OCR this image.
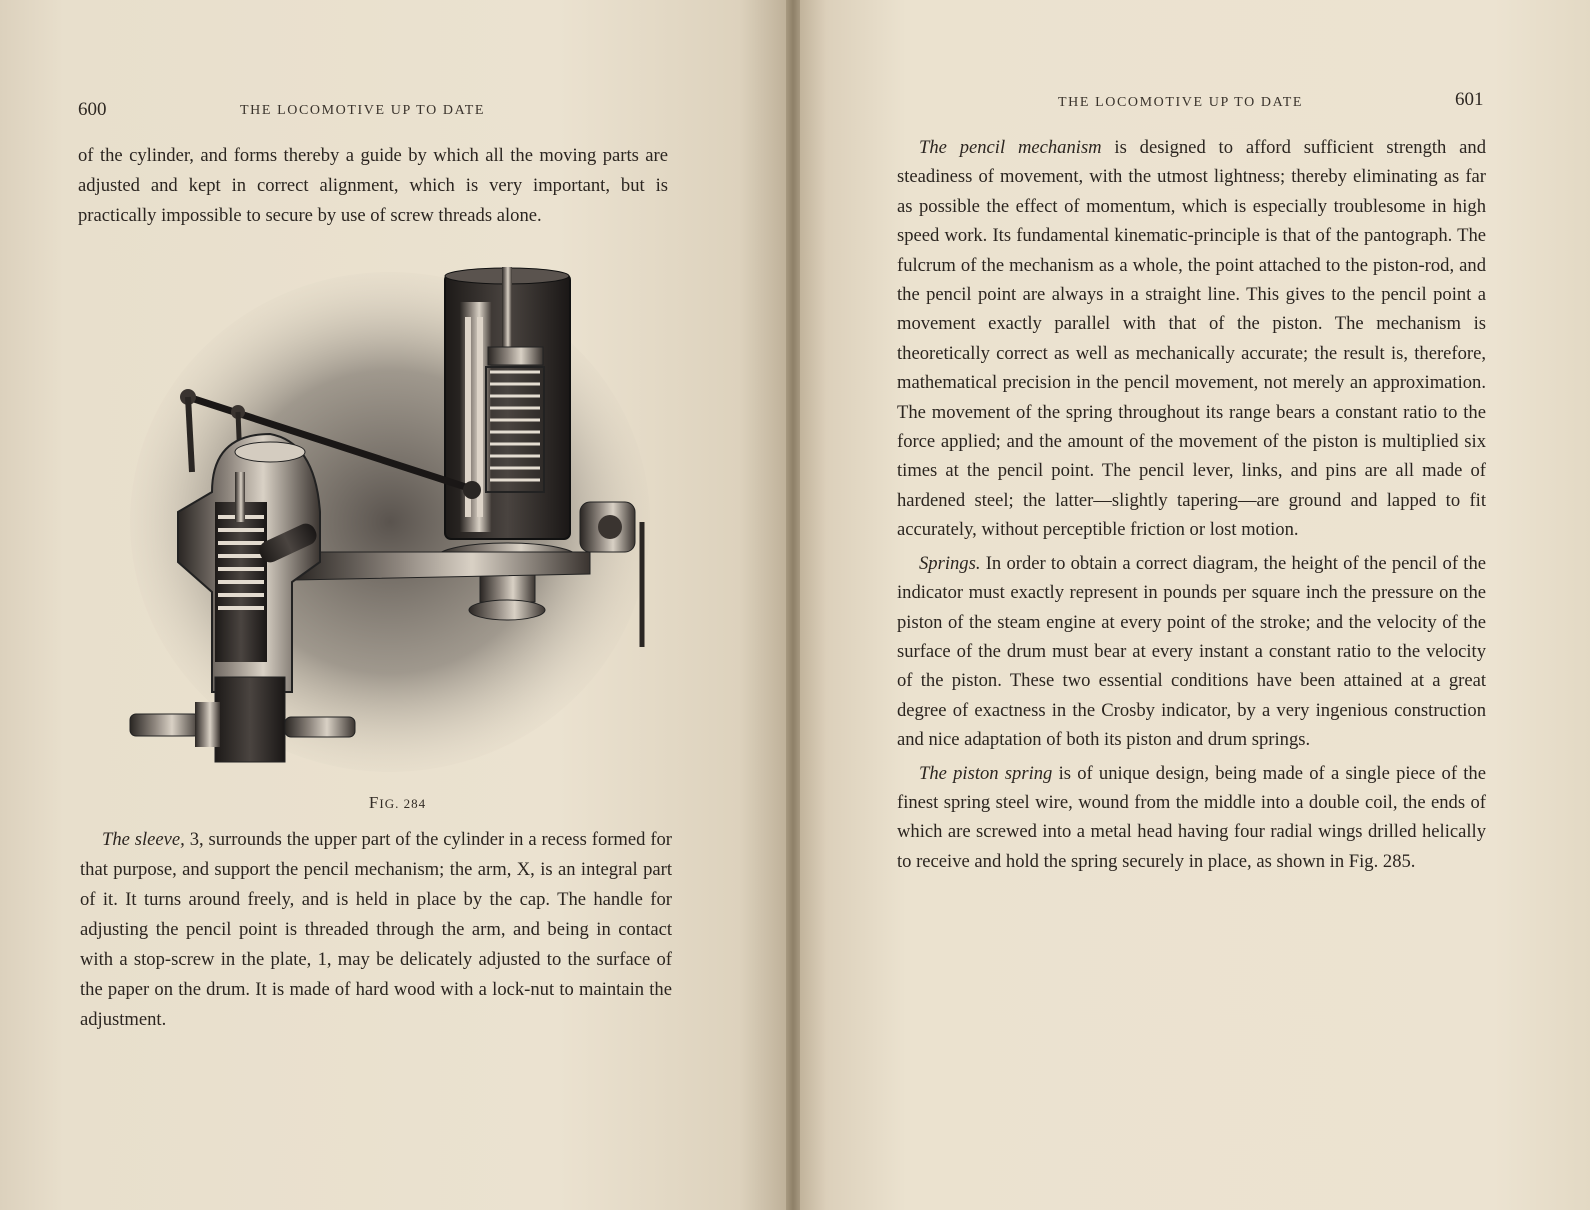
600	THE LOCOMOTIVE UP TO DATE

of the cylinder, and forms thereby a guide by which all the moving parts are adjusted and kept in correct alignment, which is very important, but is practically impossible to secure by use of screw threads alone.

FIG. 284

The sleeve, 3, surrounds the upper part of the cylinder in a recess formed for that purpose, and support the pencil mechanism; the arm, X, is an integral part of it. It turns around freely, and is held in place by the cap. The handle for adjusting the pencil point is threaded through the arm, and being in contact with a stop-screw in the plate, 1, may be delicately adjusted to the surface of the paper on the drum. It is made of hard wood with a lock-nut to maintain the adjustment.

THE LOCOMOTIVE UP TO DATE	601

The pencil mechanism is designed to afford sufficient strength and steadiness of movement, with the utmost lightness; thereby eliminating as far as possible the effect of momentum, which is especially troublesome in high speed work. Its fundamental kinematic-principle is that of the pantograph. The fulcrum of the mechanism as a whole, the point attached to the piston-rod, and the pencil point are always in a straight line. This gives to the pencil point a movement exactly parallel with that of the piston. The mechanism is theoretically correct as well as mechanically accurate; the result is, therefore, mathematical precision in the pencil movement, not merely an approximation. The movement of the spring throughout its range bears a constant ratio to the force applied; and the amount of the movement of the piston is multiplied six times at the pencil point. The pencil lever, links, and pins are all made of hardened steel; the latter—slightly tapering—are ground and lapped to fit accurately, without perceptible friction or lost motion.

Springs. In order to obtain a correct diagram, the height of the pencil of the indicator must exactly represent in pounds per square inch the pressure on the piston of the steam engine at every point of the stroke; and the velocity of the surface of the drum must bear at every instant a constant ratio to the velocity of the piston. These two essential conditions have been attained at a great degree of exactness in the Crosby indicator, by a very ingenious construction and nice adaptation of both its piston and drum springs.

The piston spring is of unique design, being made of a single piece of the finest spring steel wire, wound from the middle into a double coil, the ends of which are screwed into a metal head having four radial wings drilled helically to receive and hold the spring securely in place, as shown in Fig. 285.
